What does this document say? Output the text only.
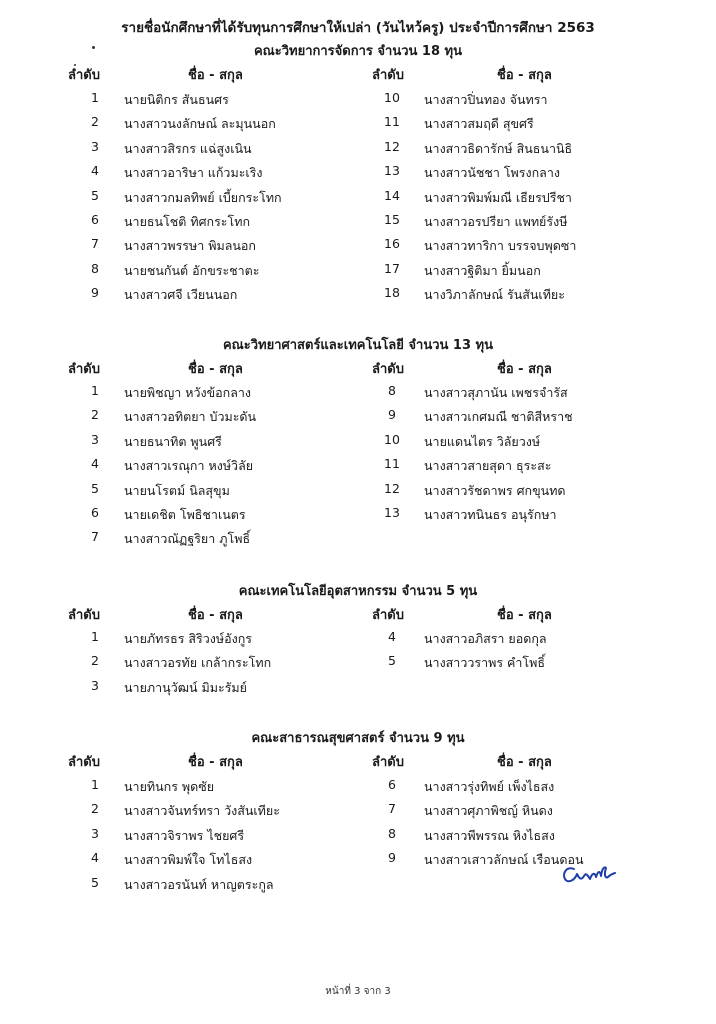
รายชื่อนักศึกษาที่ได้รับทุนการศึกษาให้เปล่า (วันไหว้ครู) ประจำปีการศึกษา 2563
คณะวิทยาการจัดการ จำนวน 18 ทุน
ลำดับ	ชื่อ - สกุล	ลำดับ	ชื่อ - สกุล
1	นายนิติกร สันธนศร	10	นางสาวปิ่นทอง จันทรา
2	นางสาวนงลักษณ์ ละมุนนอก	11	นางสาวสมฤดี สุขศรี
3	นางสาวสิรกร แฉ่สูงเนิน	12	นางสาวธิดารักษ์ สินธนานิธิ
4	นางสาวอาริษา แก้วมะเริง	13	นางสาวนัชชา โพรงกลาง
5	นางสาวกมลทิพย์ เบี้ยกระโทก	14	นางสาวพิมพ์มณี เธียรปรีชา
6	นายธนโชติ ทิศกระโทก	15	นางสาวอรปรียา แพทย์รังษี
7	นางสาวพรรษา พิมลนอก	16	นางสาวทาริกา บรรจบพุดซา
8	นายชนกันต์ อักขระชาตะ	17	นางสาวฐิติมา ยิ้มนอก
9	นางสาวศจี เวียนนอก	18	นางวิภาลักษณ์ รันสันเทียะ
คณะวิทยาศาสตร์และเทคโนโลยี จำนวน 13 ทุน
ลำดับ	ชื่อ - สกุล	ลำดับ	ชื่อ - สกุล
1	นายพิชญา หวังข้อกลาง	8	นางสาวสุภานัน เพชรจำรัส
2	นางสาวอทิตยา บัวมะดัน	9	นางสาวเกศมณี ชาติสีหราช
3	นายธนาทิต พูนศรี	10	นายแดนไตร วิลัยวงษ์
4	นางสาวเรณุกา หงษ์วิลัย	11	นางสาวสายสุดา ธุระสะ
5	นายนโรตม์ นิลสุขุม	12	นางสาวรัชดาพร ศกขุนทด
6	นายเดชิต โพธิชาเนตร	13	นางสาวทนินธร อนุรักษา
7	นางสาวณัฏฐริยา ภูโพธิ์
คณะเทคโนโลยีอุตสาหกรรม จำนวน 5 ทุน
ลำดับ	ชื่อ - สกุล	ลำดับ	ชื่อ - สกุล
1	นายภัทรธร สิริวงษ์อังกูร	4	นางสาวอภิสรา ยอดกุล
2	นางสาวอรทัย เกล้ากระโทก	5	นางสาววราพร คำโพธิ์
3	นายภานุวัฒน์ มิมะรัมย์
คณะสาธารณสุขศาสตร์ จำนวน 9 ทุน
ลำดับ	ชื่อ - สกุล	ลำดับ	ชื่อ - สกุล
1	นายทินกร พุดซัย	6	นางสาวรุ่งทิพย์ เพ็งไธสง
2	นางสาวจันทร์ทรา วังสันเทียะ	7	นางสาวศุภาพิชญ์ หินดง
3	นางสาวจิราพร ไชยศรี	8	นางสาวพีพรรณ หิงไธสง
4	นางสาวพิมพ์ใจ โทไธสง	9	นางสาวเสาวลักษณ์ เรือนดอน
5	นางสาวอรนันท์ หาญตระกูล
หน้าที่ 3 จาก 3
